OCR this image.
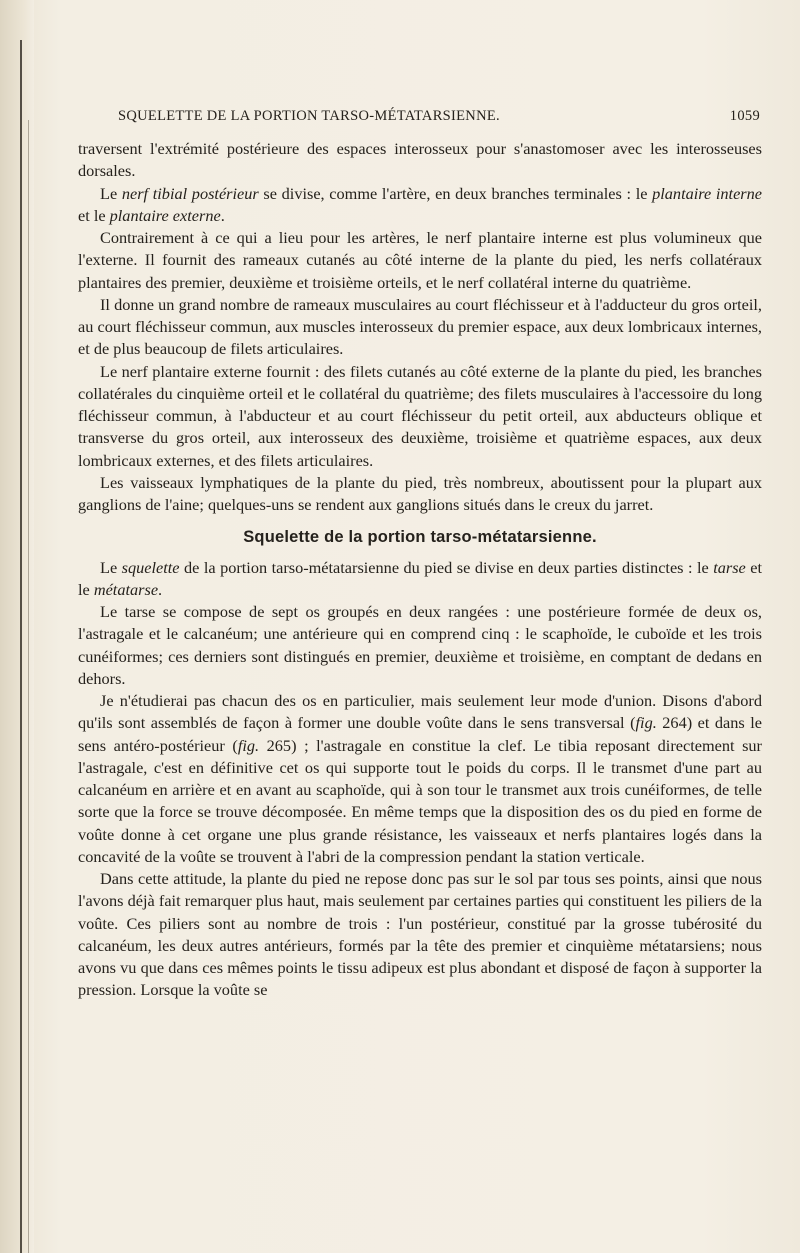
SQUELETTE DE LA PORTION TARSO-MÉTATARSIENNE.	1059

traversent l'extrémité postérieure des espaces interosseux pour s'anastomoser avec les interosseuses dorsales.

Le nerf tibial postérieur se divise, comme l'artère, en deux branches terminales : le plantaire interne et le plantaire externe.

Contrairement à ce qui a lieu pour les artères, le nerf plantaire interne est plus volumineux que l'externe. Il fournit des rameaux cutanés au côté interne de la plante du pied, les nerfs collatéraux plantaires des premier, deuxième et troisième orteils, et le nerf collatéral interne du quatrième.

Il donne un grand nombre de rameaux musculaires au court fléchisseur et à l'adducteur du gros orteil, au court fléchisseur commun, aux muscles interosseux du premier espace, aux deux lombricaux internes, et de plus beaucoup de filets articulaires.

Le nerf plantaire externe fournit : des filets cutanés au côté externe de la plante du pied, les branches collatérales du cinquième orteil et le collatéral du quatrième; des filets musculaires à l'accessoire du long fléchisseur commun, à l'abducteur et au court fléchisseur du petit orteil, aux abducteurs oblique et transverse du gros orteil, aux interosseux des deuxième, troisième et quatrième espaces, aux deux lombricaux externes, et des filets articulaires.

Les vaisseaux lymphatiques de la plante du pied, très nombreux, aboutissent pour la plupart aux ganglions de l'aine; quelques-uns se rendent aux ganglions situés dans le creux du jarret.

Squelette de la portion tarso-métatarsienne.

Le squelette de la portion tarso-métatarsienne du pied se divise en deux parties distinctes : le tarse et le métatarse.

Le tarse se compose de sept os groupés en deux rangées : une postérieure formée de deux os, l'astragale et le calcanéum; une antérieure qui en comprend cinq : le scaphoïde, le cuboïde et les trois cunéiformes; ces derniers sont distingués en premier, deuxième et troisième, en comptant de dedans en dehors.

Je n'étudierai pas chacun des os en particulier, mais seulement leur mode d'union. Disons d'abord qu'ils sont assemblés de façon à former une double voûte dans le sens transversal (fig. 264) et dans le sens antéro-postérieur (fig. 265) ; l'astragale en constitue la clef. Le tibia reposant directement sur l'astragale, c'est en définitive cet os qui supporte tout le poids du corps. Il le transmet d'une part au calcanéum en arrière et en avant au scaphoïde, qui à son tour le transmet aux trois cunéiformes, de telle sorte que la force se trouve décomposée. En même temps que la disposition des os du pied en forme de voûte donne à cet organe une plus grande résistance, les vaisseaux et nerfs plantaires logés dans la concavité de la voûte se trouvent à l'abri de la compression pendant la station verticale.

Dans cette attitude, la plante du pied ne repose donc pas sur le sol par tous ses points, ainsi que nous l'avons déjà fait remarquer plus haut, mais seulement par certaines parties qui constituent les piliers de la voûte. Ces piliers sont au nombre de trois : l'un postérieur, constitué par la grosse tubérosité du calcanéum, les deux autres antérieurs, formés par la tête des premier et cinquième métatarsiens; nous avons vu que dans ces mêmes points le tissu adipeux est plus abondant et disposé de façon à supporter la pression. Lorsque la voûte se
